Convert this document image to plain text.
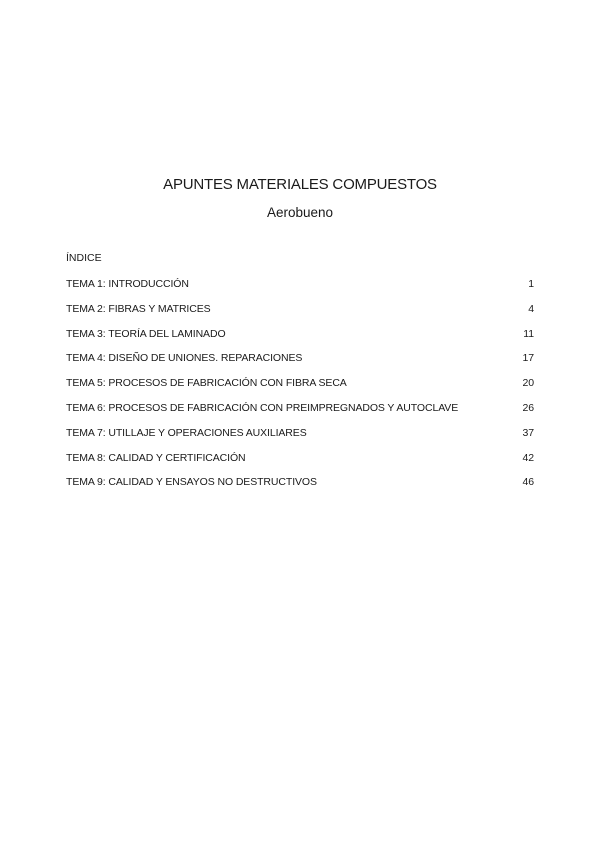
APUNTES MATERIALES COMPUESTOS

Aerobueno

ÍNDICE

TEMA 1: INTRODUCCIÓN	1
TEMA 2: FIBRAS Y MATRICES	4
TEMA 3: TEORÍA DEL LAMINADO	11
TEMA 4: DISEÑO DE UNIONES. REPARACIONES	17
TEMA 5: PROCESOS DE FABRICACIÓN CON FIBRA SECA	20
TEMA 6: PROCESOS DE FABRICACIÓN CON PREIMPREGNADOS Y AUTOCLAVE	26
TEMA 7: UTILLAJE Y OPERACIONES AUXILIARES	37
TEMA 8: CALIDAD Y CERTIFICACIÓN	42
TEMA 9: CALIDAD Y ENSAYOS NO DESTRUCTIVOS	46
